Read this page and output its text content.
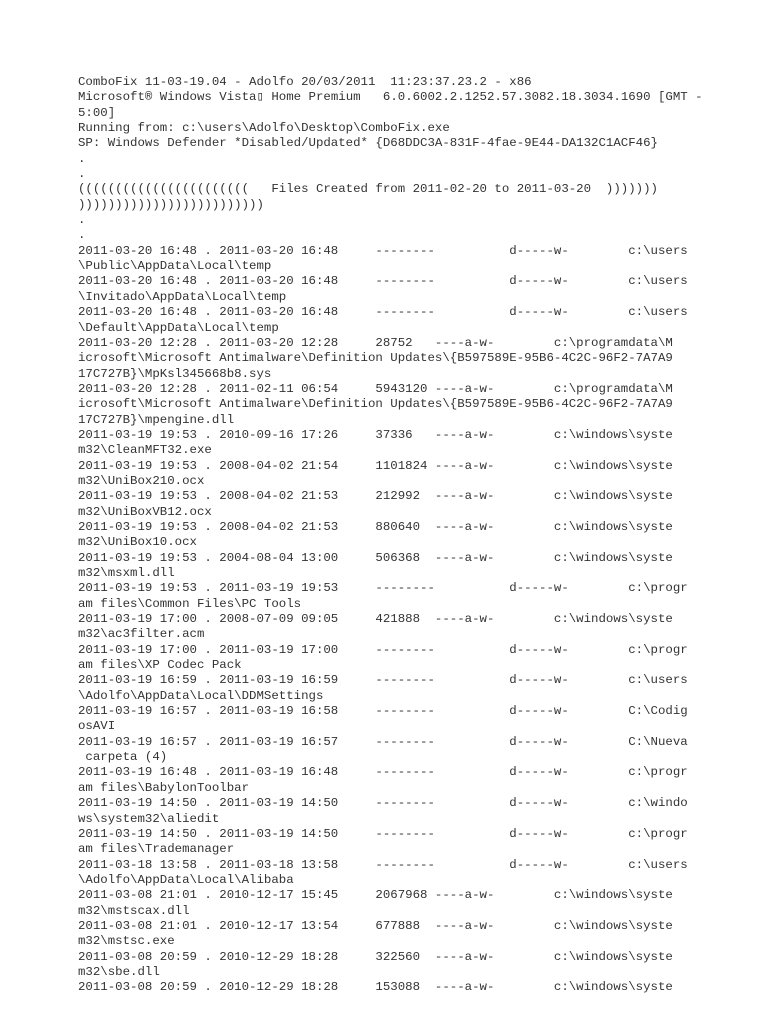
ComboFix 11-03-19.04 - Adolfo 20/03/2011  11:23:37.23.2 - x86
Microsoft® Windows Vista▯ Home Premium   6.0.6002.2.1252.57.3082.18.3034.1690 [GMT -
5:00]
Running from: c:\users\Adolfo\Desktop\ComboFix.exe
SP: Windows Defender *Disabled/Updated* {D68DDC3A-831F-4fae-9E44-DA132C1ACF46}
.
.
(((((((((((((((((((((((   Files Created from 2011-02-20 to 2011-03-20  )))))))
)))))))))))))))))))))))))
.
.
2011-03-20 16:48 . 2011-03-20 16:48     --------          d-----w-        c:\users
\Public\AppData\Local\temp
2011-03-20 16:48 . 2011-03-20 16:48     --------          d-----w-        c:\users
\Invitado\AppData\Local\temp
2011-03-20 16:48 . 2011-03-20 16:48     --------          d-----w-        c:\users
\Default\AppData\Local\temp
2011-03-20 12:28 . 2011-03-20 12:28     28752   ----a-w-        c:\programdata\M
icrosoft\Microsoft Antimalware\Definition Updates\{B597589E-95B6-4C2C-96F2-7A7A9
17C727B}\MpKsl345668b8.sys
2011-03-20 12:28 . 2011-02-11 06:54     5943120 ----a-w-        c:\programdata\M
icrosoft\Microsoft Antimalware\Definition Updates\{B597589E-95B6-4C2C-96F2-7A7A9
17C727B}\mpengine.dll
2011-03-19 19:53 . 2010-09-16 17:26     37336   ----a-w-        c:\windows\syste
m32\CleanMFT32.exe
2011-03-19 19:53 . 2008-04-02 21:54     1101824 ----a-w-        c:\windows\syste
m32\UniBox210.ocx
2011-03-19 19:53 . 2008-04-02 21:53     212992  ----a-w-        c:\windows\syste
m32\UniBoxVB12.ocx
2011-03-19 19:53 . 2008-04-02 21:53     880640  ----a-w-        c:\windows\syste
m32\UniBox10.ocx
2011-03-19 19:53 . 2004-08-04 13:00     506368  ----a-w-        c:\windows\syste
m32\msxml.dll
2011-03-19 19:53 . 2011-03-19 19:53     --------          d-----w-        c:\progr
am files\Common Files\PC Tools
2011-03-19 17:00 . 2008-07-09 09:05     421888  ----a-w-        c:\windows\syste
m32\ac3filter.acm
2011-03-19 17:00 . 2011-03-19 17:00     --------          d-----w-        c:\progr
am files\XP Codec Pack
2011-03-19 16:59 . 2011-03-19 16:59     --------          d-----w-        c:\users
\Adolfo\AppData\Local\DDMSettings
2011-03-19 16:57 . 2011-03-19 16:58     --------          d-----w-        C:\Codig
osAVI
2011-03-19 16:57 . 2011-03-19 16:57     --------          d-----w-        C:\Nueva
carpeta (4)
2011-03-19 16:48 . 2011-03-19 16:48     --------          d-----w-        c:\progr
am files\BabylonToolbar
2011-03-19 14:50 . 2011-03-19 14:50     --------          d-----w-        c:\windo
ws\system32\aliedit
2011-03-19 14:50 . 2011-03-19 14:50     --------          d-----w-        c:\progr
am files\Trademanager
2011-03-18 13:58 . 2011-03-18 13:58     --------          d-----w-        c:\users
\Adolfo\AppData\Local\Alibaba
2011-03-08 21:01 . 2010-12-17 15:45     2067968 ----a-w-        c:\windows\syste
m32\mstscax.dll
2011-03-08 21:01 . 2010-12-17 13:54     677888  ----a-w-        c:\windows\syste
m32\mstsc.exe
2011-03-08 20:59 . 2010-12-29 18:28     322560  ----a-w-        c:\windows\syste
m32\sbe.dll
2011-03-08 20:59 . 2010-12-29 18:28     153088  ----a-w-        c:\windows\syste
